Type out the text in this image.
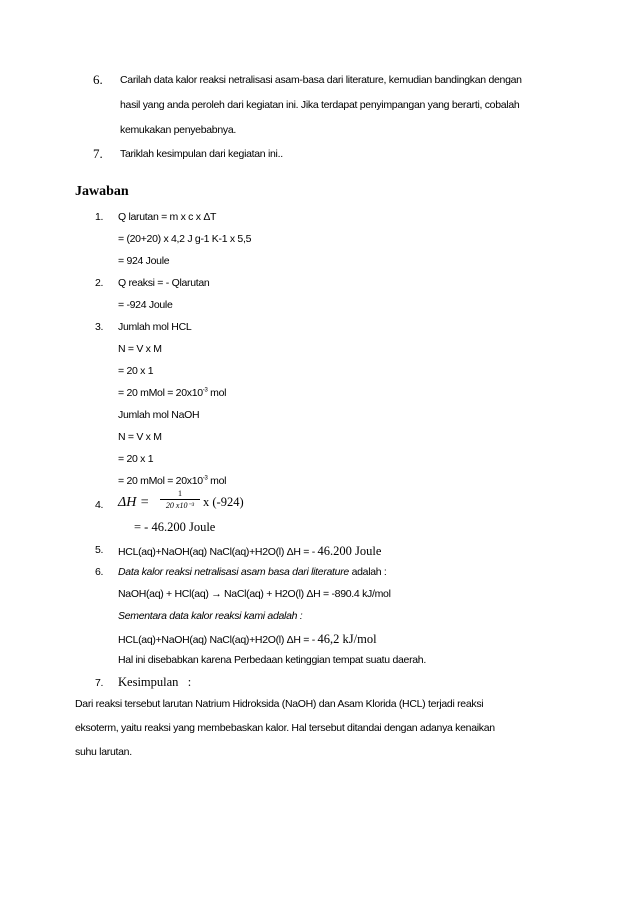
6. Carilah data kalor reaksi netralisasi asam-basa dari literature, kemudian bandingkan dengan
hasil yang anda peroleh dari kegiatan ini. Jika terdapat penyimpangan yang berarti, cobalah
kemukakan penyebabnya.
7. Tariklah kesimpulan dari kegiatan ini..
Jawaban
1. Q larutan = m x c x ΔT
= (20+20) x 4,2 J g-1 K-1 x 5,5
= 924 Joule
2. Q reaksi = - Qlarutan
= -924 Joule
3. Jumlah mol HCL
N = V x M
= 20 x 1
= 20 mMol = $20x10^{-3}$ mol
Jumlah mol NaOH
N = V x M
= 20 x 1
= 20 mMol = $20x10^{-3}$ mol
4. ΔH =
1
20 x10⁻³ x (-924)
= - 46.200 Joule
5. HCL(aq)+NaOH(aq) NaCl(aq)+H2O(l) ΔH = - 46.200 Joule
6. Data kalor reaksi netralisasi asam basa dari literature adalah :
NaOH(aq) + HCl(aq) → NaCl(aq) + H2O(l) ΔH = -890.4 kJ/mol
Sementara data kalor reaksi kami adalah :
HCL(aq)+NaOH(aq) NaCl(aq)+H2O(l) ΔH = - 46,2 kJ/mol
Hal ini disebabkan karena Perbedaan ketinggian tempat suatu daerah.
7. Kesimpulan   :
Dari reaksi tersebut larutan Natrium Hidroksida (NaOH) dan Asam Klorida (HCL) terjadi reaksi
eksoterm, yaitu reaksi yang membebaskan kalor. Hal tersebut ditandai dengan adanya kenaikan
suhu larutan.
